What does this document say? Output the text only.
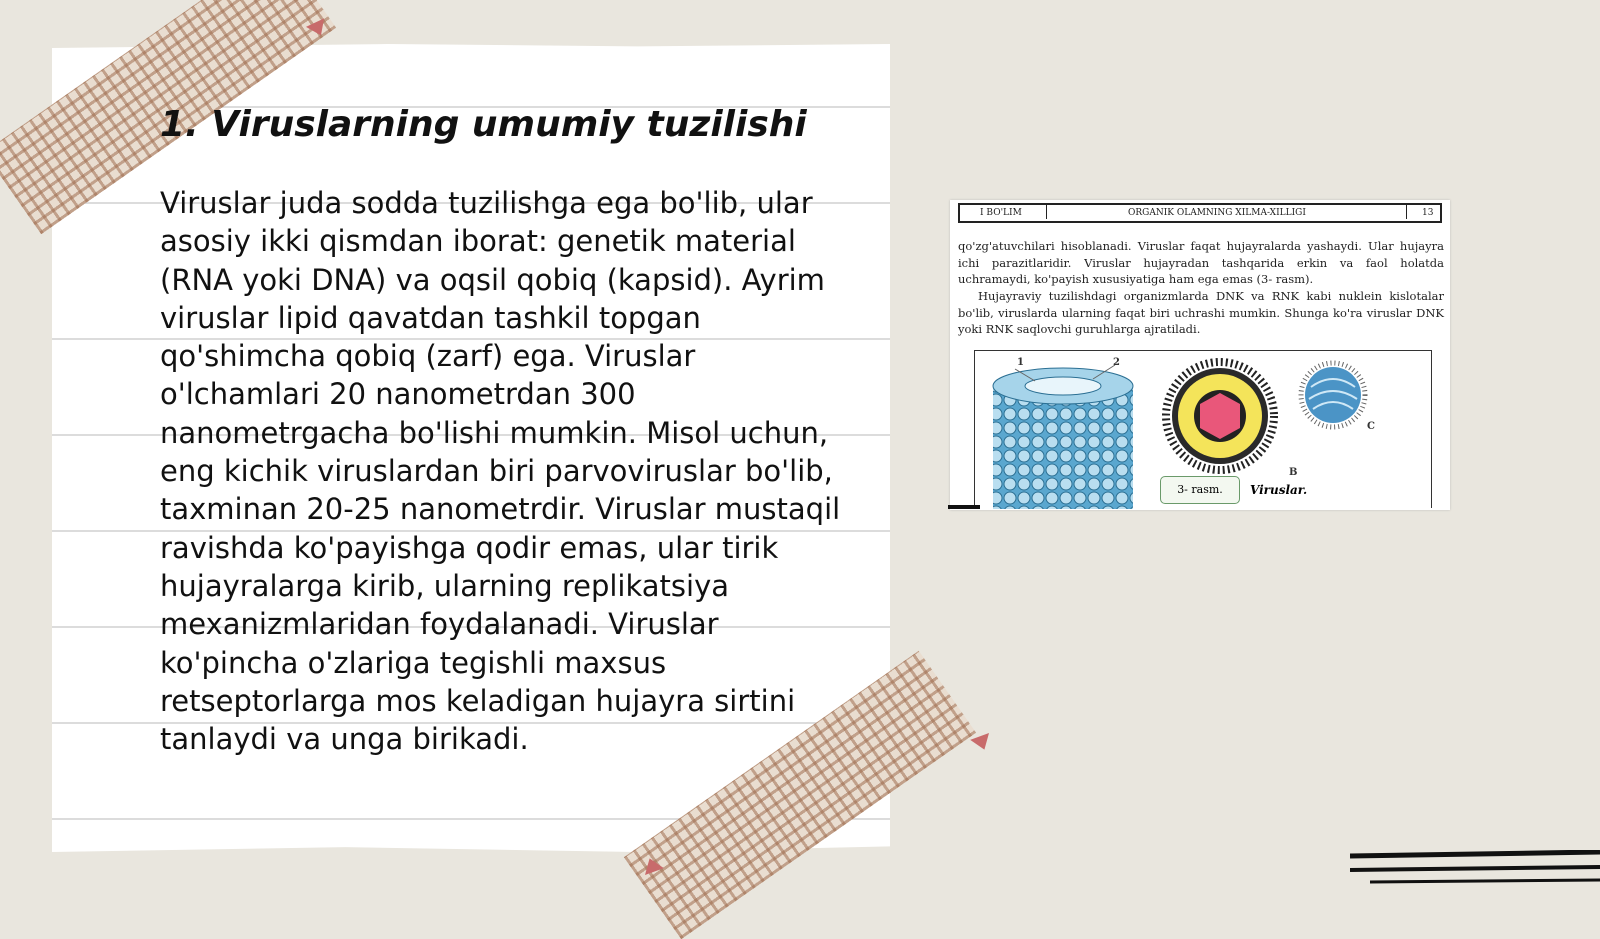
1. Viruslarning umumiy tuzilishi

Viruslar juda sodda tuzilishga ega bo'lib, ular asosiy ikki qismdan iborat: genetik material (RNA yoki DNA) va oqsil qobiq (kapsid). Ayrim viruslar lipid qavatdan tashkil topgan qo'shimcha qobiq (zarf) ega. Viruslar o'lchamlari 20 nanometrdan 300 nanometrgacha bo'lishi mumkin. Misol uchun, eng kichik viruslardan biri parvoviruslar bo'lib, taxminan 20-25 nanometrdir. Viruslar mustaqil ravishda ko'payishga qodir emas, ular tirik hujayralarga kirib, ularning replikatsiya mexanizmlaridan foydalanadi. Viruslar ko'pincha o'zlariga tegishli maxsus retseptorlarga mos keladigan hujayra sirtini tanlaydi va unga birikadi.

I BO'LIM	ORGANIK OLAMNING XILMA-XILLIGI	13

qo'zg'atuvchilari hisoblanadi. Viruslar faqat hujayralarda yashaydi. Ular hujayra ichi parazitlaridir. Viruslar hujayradan tashqarida erkin va faol holatda uchramaydi, ko'payish xususiyatiga ham ega emas (3- rasm).

Hujayraviy tuzilishdagi organizmlarda DNK va RNK kabi nuklein kislotalar bo'lib, viruslarda ularning faqat biri uchrashi mumkin. Shunga ko'ra viruslar DNK yoki RNK saqlovchi guruhlarga ajratiladi.

1	2
B
C
3- rasm.	Viruslar.
